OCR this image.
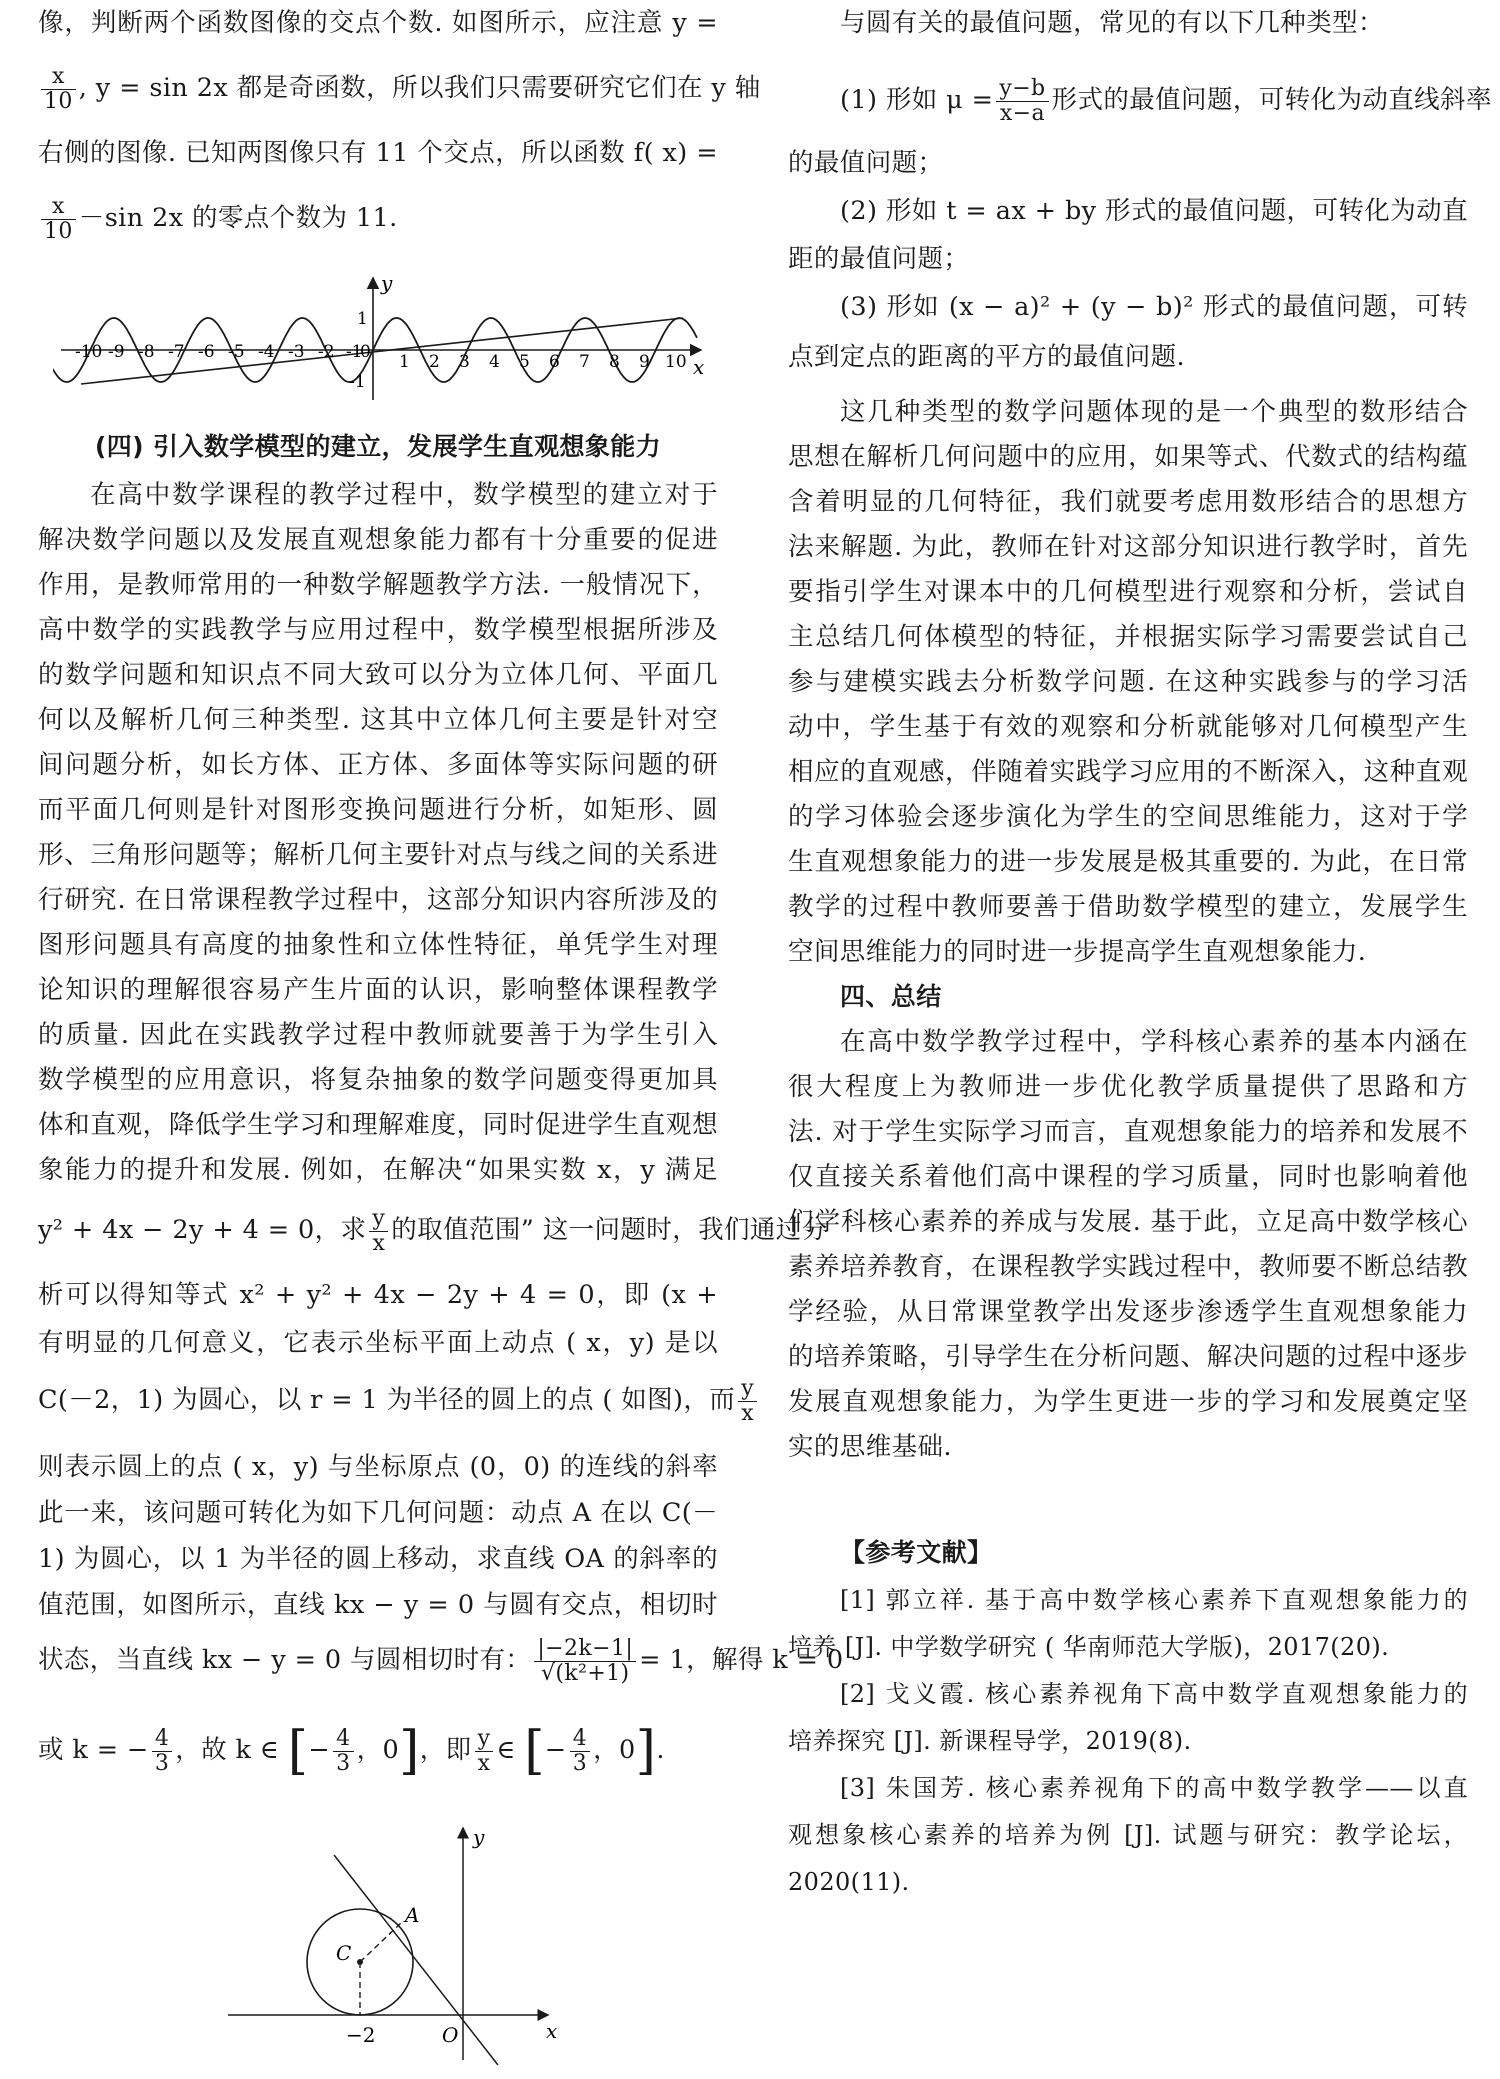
像，判断两个函数图像的交点个数. 如图所示，应注意 y =
$\frac{x}{10}$ , y = sin 2x 都是奇函数，所以我们只需要研究它们在 y 轴
右侧的图像. 已知两图像只有 11 个交点，所以函数 f( x) =
$\frac{x}{10} -\sin$ 2x 的零点个数为 11.
y
x
1
-1
-10 -9 -8 -7 -6 -5 -4 -3 -2 -1
0 1 2 3 4 5 6 7 8 9 10
(四) 引入数学模型的建立，发展学生直观想象能力
在高中数学课程的教学过程中，数学模型的建立对于
解决数学问题以及发展直观想象能力都有十分重要的促进
作用，是教师常用的一种数学解题教学方法. 一般情况下，
高中数学的实践教学与应用过程中，数学模型根据所涉及
的数学问题和知识点不同大致可以分为立体几何、平面几
何以及解析几何三种类型. 这其中立体几何主要是针对空
间问题分析，如长方体、正方体、多面体等实际问题的研
而平面几何则是针对图形变换问题进行分析，如矩形、圆
形、三角形问题等；解析几何主要针对点与线之间的关系进
行研究. 在日常课程教学过程中，这部分知识内容所涉及的
图形问题具有高度的抽象性和立体性特征，单凭学生对理
论知识的理解很容易产生片面的认识，影响整体课程教学
的质量. 因此在实践教学过程中教师就要善于为学生引入
数学模型的应用意识，将复杂抽象的数学问题变得更加具
体和直观，降低学生学习和理解难度，同时促进学生直观想
象能力的提升和发展. 例如，在解决“如果实数 x，y 满足
y² + 4x − 2y + 4 = 0，求 $\frac{y}{x}$ 的取值范围” 这一问题时，我们通过分
析可以得知等式 x² + y² + 4x − 2y + 4 = 0，即 (x +
有明显的几何意义，它表示坐标平面上动点 ( x，y) 是以
C(－2，1) 为圆心，以 r = 1 为半径的圆上的点 ( 如图)，而 $\frac{y}{x}$
则表示圆上的点 ( x，y) 与坐标原点 (0，0) 的连线的斜率
此一来，该问题可转化为如下几何问题：动点 A 在以 C(－
1) 为圆心，以 1 为半径的圆上移动，求直线 OA 的斜率的
值范围，如图所示，直线 kx − y = 0 与圆有交点，相切时
状态，当直线 kx − y = 0 与圆相切时有： $\frac{|-2k-1|}{\text{√(k²+1)}} = 1$，解得 k = 0
或 k = − $\frac{4}{3}$ ，故 k ∈ [− $\frac{4}{3}$ ，0]，即 $\frac{y}{x}$ ∈ [− $\frac{4}{3}$ ，0].
y
x
A
C
O
−2
与圆有关的最值问题，常见的有以下几种类型：
(1) 形如 $\mu = \frac{y-b}{x-a}$ 形式的最值问题，可转化为动直线斜率
的最值问题；
(2) 形如 t = ax + by 形式的最值问题，可转化为动直
距的最值问题；
(3) 形如 (x − a)² + (y − b)² 形式的最值问题，可转
点到定点的距离的平方的最值问题.
这几种类型的数学问题体现的是一个典型的数形结合
思想在解析几何问题中的应用，如果等式、代数式的结构蕴
含着明显的几何特征，我们就要考虑用数形结合的思想方
法来解题. 为此，教师在针对这部分知识进行教学时，首先
要指引学生对课本中的几何模型进行观察和分析，尝试自
主总结几何体模型的特征，并根据实际学习需要尝试自己
参与建模实践去分析数学问题. 在这种实践参与的学习活
动中，学生基于有效的观察和分析就能够对几何模型产生
相应的直观感，伴随着实践学习应用的不断深入，这种直观
的学习体验会逐步演化为学生的空间思维能力，这对于学
生直观想象能力的进一步发展是极其重要的. 为此，在日常
教学的过程中教师要善于借助数学模型的建立，发展学生
空间思维能力的同时进一步提高学生直观想象能力.
四、总结
在高中数学教学过程中，学科核心素养的基本内涵在
很大程度上为教师进一步优化教学质量提供了思路和方
法. 对于学生实际学习而言，直观想象能力的培养和发展不
仅直接关系着他们高中课程的学习质量，同时也影响着他
们学科核心素养的养成与发展. 基于此，立足高中数学核心
素养培养教育，在课程教学实践过程中，教师要不断总结教
学经验，从日常课堂教学出发逐步渗透学生直观想象能力
的培养策略，引导学生在分析问题、解决问题的过程中逐步
发展直观想象能力，为学生更进一步的学习和发展奠定坚
实的思维基础.
【参考文献】
[1] 郭立祥. 基于高中数学核心素养下直观想象能力的
培养 [J]. 中学数学研究 ( 华南师范大学版)，2017(20).
[2] 戈义霞. 核心素养视角下高中数学直观想象能力的
培养探究 [J]. 新课程导学，2019(8).
[3] 朱国芳. 核心素养视角下的高中数学教学——以直
观想象核心素养的培养为例 [J]. 试题与研究：教学论坛，
2020(11).
